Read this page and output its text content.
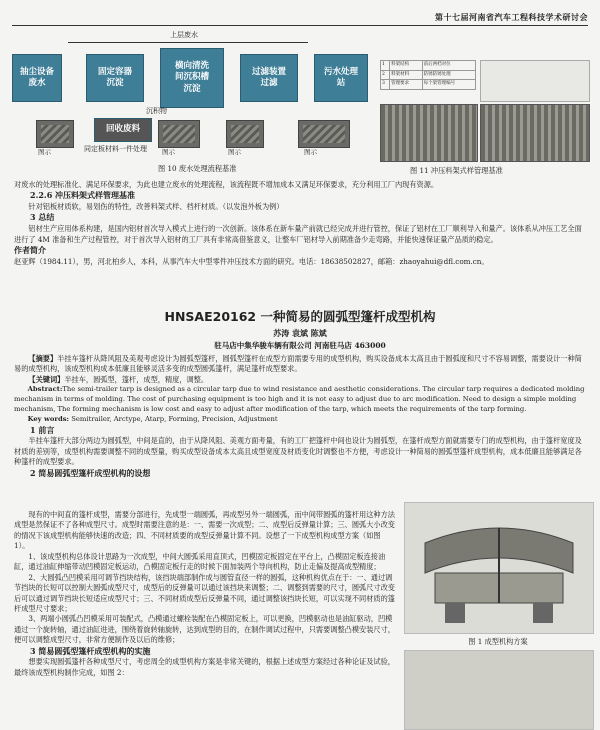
第十七届河南省汽车工程科技学术研讨会
上层废水
抽尘设备
废水
固定容器
沉淀
横向清洗
间沉积槽
沉淀
过滤装置
过滤
污水处理
站
沉积物
回收废料
同定板材料一件处理
图示	图示	图示	图示
图 10 废水处理流程基准
1	料架结构	前后两档对位
2	料架材料	防锈防锈处理
3	管理要求	每个架管理编号
图 11 冲压料架式样管理基准

对废水的处理标准化、满足环保要求，为此也建立废水的处理流程，该流程既不增加成本又满足环保要求，充分利用工厂内现有资源。

2.2.6 冲压料架式样管理基准

针对铝板材质软，易划伤的特性，改善料架式样、档杆材质。（以发泡外板为例）

3 总结

铝材生产应用体系构建，是国内铝材首次导入模式上进行的一次创新。该体系在新车量产前就已经完成并进行管控，保证了铝材在工厂顺利导入和量产。该体系从冲压工艺全面进行了 4M 准备和生产过程管控，对于首次导入铝材的工厂具有非常高借鉴意义，让整车厂铝材导入前期准备少走弯路，并能快速保证量产品质的稳定。

作者简介

赵亚辉（1984.11），男，河北柏乡人，本科，从事汽车大中型零件冲压技术方面的研究。电话：18638502827，邮箱：zhaoyahui@dfl.com.cn。

HNSAE20162 一种简易的圆弧型篷杆成型机构
苏涛 袁斌 陈斌
驻马店中集华骏车辆有限公司 河南驻马店 463000

【摘要】半挂车篷杆从降风阻及美观考虑设计为圆弧型篷杆，圆弧型篷杆在成型方面需要专用的成型机构，购买设备成本太高且由于圆弧度和尺寸不容易调整，需要设计一种简易的成型机构，该成型机构成本低廉且能够灵活多变的成型圆弧篷杆，满足篷杆成型要求。

【关键词】半挂车，圆弧型，篷杆，成型，精度，调整。

Abstract:The semi-trailer tarp is designed as a circular tarp due to wind resistance and aesthetic considerations. The circular tarp requires a dedicated molding mechanism in terms of molding. The cost of purchasing equipment is too high and it is not easy to adjust due to arc modification. Need to design a simple molding mechanism, The forming mechanism is low cost and easy to adjust after modification of the tarp, which meets the requirements of the tarp forming.

Key words: Semitrailer, Arctype, Atarp, Forming, Precision, Adjustment

1 前言

半挂车篷杆大部分两边为圆弧型，中间是直的，由于从降风阻、美观方面考量，有的工厂把篷杆中间也设计为圆弧型，在篷杆成型方面就需要专门的成型机构，由于篷杆宽度及材质的差别等，成型机构需要调整不同的成型量，购买成型设备成本太高且成型宽度及材质变化时调整也不方便，考虑设计一种简易的圆弧型篷杆成型机构，成本低廉且能够满足各种篷杆的成型要求。

2 简易圆弧型篷杆成型机构的设想

现有的中间直的篷杆成型，需要分部进行，先成型一端圆弧，再成型另外一端圆弧，而中间带圆弧的篷杆用这种方法成型是然保证不了各种成型尺寸。成型时需要注意的是：一、需要一次成型；二、成型后反弹量计算；三、圆弧大小改变的情况下该成型机构能够快速的改造；四、不同材质要的成型反弹量计算不同。设想了一下成型机构成型方案（如图 1）。

1、该成型机构总体设计思路为一次成型，中间大圆弧采用直顶式，凹模固定板固定在平台上，凸模固定板连接油缸，通过油缸伸缩带动凹模固定板运动，凸模固定板行走的时候下面加装两个导向机构，防止走偏及提高成型精度；

2、大圆弧凸凹模采用可调节挡块结构，该挡块端部制作成与圆管直径一样的圆弧，这种机构优点在于：一、通过调节挡块的长短可以控制大圆弧成型尺寸，成型后的反弹量可以通过该挡块来调整；二、调整到需要的尺寸，圆弧尺寸改变后可以通过调节挡块长短适应成型尺寸；三、不同材质成型后反弹量不同，通过调整该挡块长短，可以实现不同材质的篷杆成型尺寸要求；

3、两端小圆弧凸凹模采用可装配式，凸模通过螺栓装配在凸模固定板上，可以更换，凹模驱动也是油缸驱动，凹模通过一个旋转轴，通过油缸进进，围绕着旋转轴旋转，达到成型的目的，在制作调试过程中，只需要调整凸模安装尺寸，便可以调整成型尺寸，非常方便制作及以后的维修；

3 简易圆弧型篷杆成型机构的实施

想要实现圆弧篷杆各种成型尺寸，考虑周全的成型机构方案是非常关键的，根据上述成型方案经过各种论证及试验，最终该成型机构制作完成，如图 2：

图 1 成型机构方案
